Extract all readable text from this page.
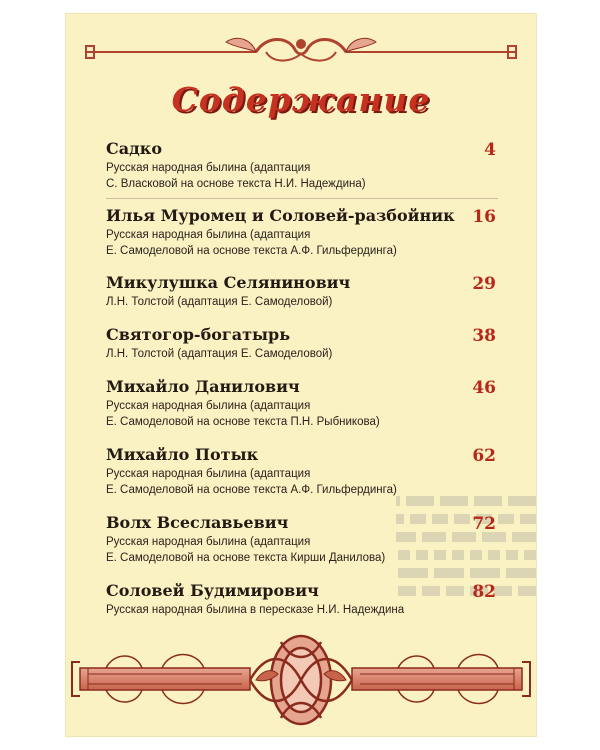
Содержание
Садко
Русская народная былина (адаптация
С. Власковой на основе текста Н.И. Надеждина)
4
Илья Муромец и Соловей-разбойник
Русская народная былина (адаптация
Е. Самоделовой на основе текста А.Ф. Гильфердинга)
16
Микулушка Селянинович
Л.Н. Толстой (адаптация Е. Самоделовой)
29
Святогор-богатырь
Л.Н. Толстой (адаптация Е. Самоделовой)
38
Михайло Данилович
Русская народная былина (адаптация
Е. Самоделовой на основе текста П.Н. Рыбникова)
46
Михайло Потык
Русская народная былина (адаптация
Е. Самоделовой на основе текста А.Ф. Гильфердинга)
62
Волх Всеславьевич
Русская народная былина (адаптация
Е. Самоделовой на основе текста Кирши Данилова)
72
Соловей Будимирович
Русская народная былина в пересказе Н.И. Надеждина
82
